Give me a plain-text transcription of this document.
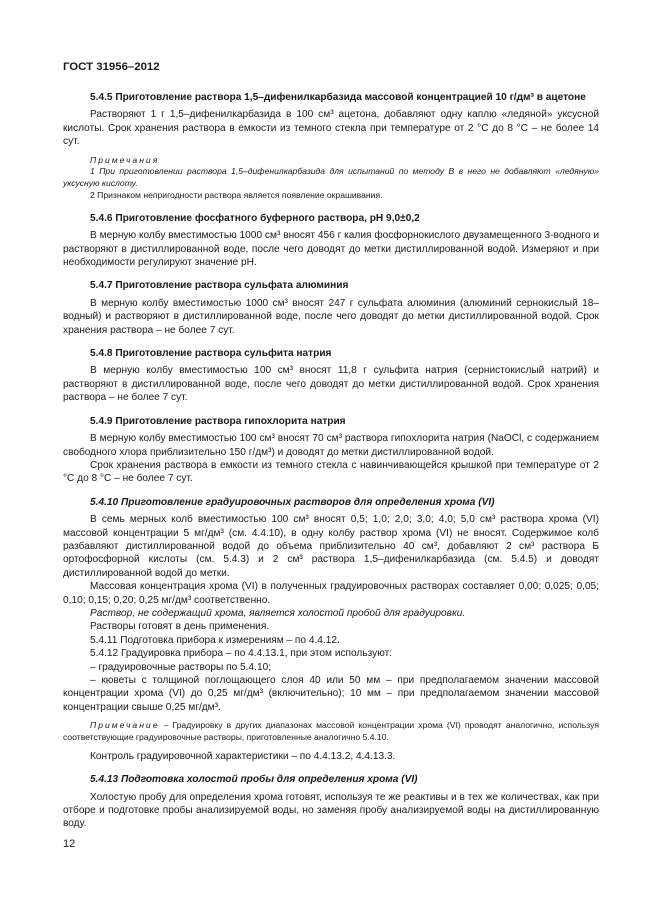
ГОСТ 31956–2012

5.4.5 Приготовление раствора 1,5–дифенилкарбазида массовой концентрацией 10 г/дм³ в ацетоне

Растворяют 1 г 1,5–дифенилкарбазида в 100 см³ ацетона, добавляют одну каплю «ледяной» уксусной кислоты. Срок хранения раствора в емкости из темного стекла при температуре от 2 °С до 8 °С – не более 14 сут.

Примечания

1 При приготовлении раствора 1,5–дифенилкарбазида для испытаний по методу В в него не добавляют «ледяную» уксусную кислоту.

2 Признаком непригодности раствора является появление окрашивания.

5.4.6 Приготовление фосфатного буферного раствора, рН 9,0±0,2

В мерную колбу вместимостью 1000 см³ вносят 456 г калия фосфорнокислого двузамещенного 3-водного и растворяют в дистиллированной воде, после чего доводят до метки дистиллированной водой. Измеряют и при необходимости регулируют значение рН.

5.4.7 Приготовление раствора сульфата алюминия

В мерную колбу вместимостью 1000 см³ вносят 247 г сульфата алюминия (алюминий сернокислый 18–водный) и растворяют в дистиллированной воде, после чего доводят до метки дистиллированной водой. Срок хранения раствора – не более 7 сут.

5.4.8 Приготовление раствора сульфита натрия

В мерную колбу вместимостью 100 см³ вносят 11,8 г сульфита натрия (сернистокислый натрий) и растворяют в дистиллированной воде, после чего доводят до метки дистиллированной водой. Срок хранения раствора – не более 7 сут.

5.4.9 Приготовление раствора гипохлорита натрия

В мерную колбу вместимостью 100 см³ вносят 70 см³ раствора гипохлорита натрия (NaOCl, с содержанием свободного хлора приблизительно 150 г/дм³) и доводят до метки дистиллированной водой.

Срок хранения раствора в емкости из темного стекла с навинчивающейся крышкой при температуре от 2 °С до 8 °С – не более 7 сут.

5.4.10 Приготовление градуировочных растворов для определения хрома (VI)

В семь мерных колб вместимостью 100 см³ вносят 0,5; 1,0; 2,0; 3,0; 4,0; 5,0 см³ раствора хрома (VI) массовой концентрации 5 мг/дм³ (см. 4.4.10), в одну колбу раствор хрома (VI) не вносят. Содержимое колб разбавляют дистиллированной водой до объема приблизительно 40 см³, добавляют 2 см³ раствора Б ортофосфорной кислоты (см. 5.4.3) и 2 см³ раствора 1,5–дифенилкарбазида (см. 5.4.5) и доводят дистиллированной водой до метки.

Массовая концентрация хрома (VI) в полученных градуировочных растворах составляет 0,00; 0,025; 0,05; 0,10; 0,15; 0,20; 0,25 мг/дм³ соответственно.

Раствор, не содержащий хрома, является холостой пробой для градуировки.

Растворы готовят в день применения.

5.4.11 Подготовка прибора к измерениям – по 4.4.12.

5.4.12 Градуировка прибора – по 4.4.13.1, при этом используют:

– градуировочные растворы по 5.4.10;

– кюветы с толщиной поглощающего слоя 40 или 50 мм – при предполагаемом значении массовой концентрации хрома (VI) до 0,25 мг/дм³ (включительно); 10 мм – при предполагаемом значении массовой концентрации свыше 0,25 мг/дм³.

Примечание – Градуировку в других диапазонах массовой концентрации хрома (VI) проводят аналогично, используя соответствующие градуировочные растворы, приготовленные аналогично 5.4.10.

Контроль градуировочной характеристики – по 4.4.13.2, 4.4.13.3.

5.4.13 Подготовка холостой пробы для определения хрома (VI)

Холостую пробу для определения хрома готовят, используя те же реактивы и в тех же количествах, как при отборе и подготовке пробы анализируемой воды, но заменяя пробу анализируемой воды на дистиллированную воду.

12
